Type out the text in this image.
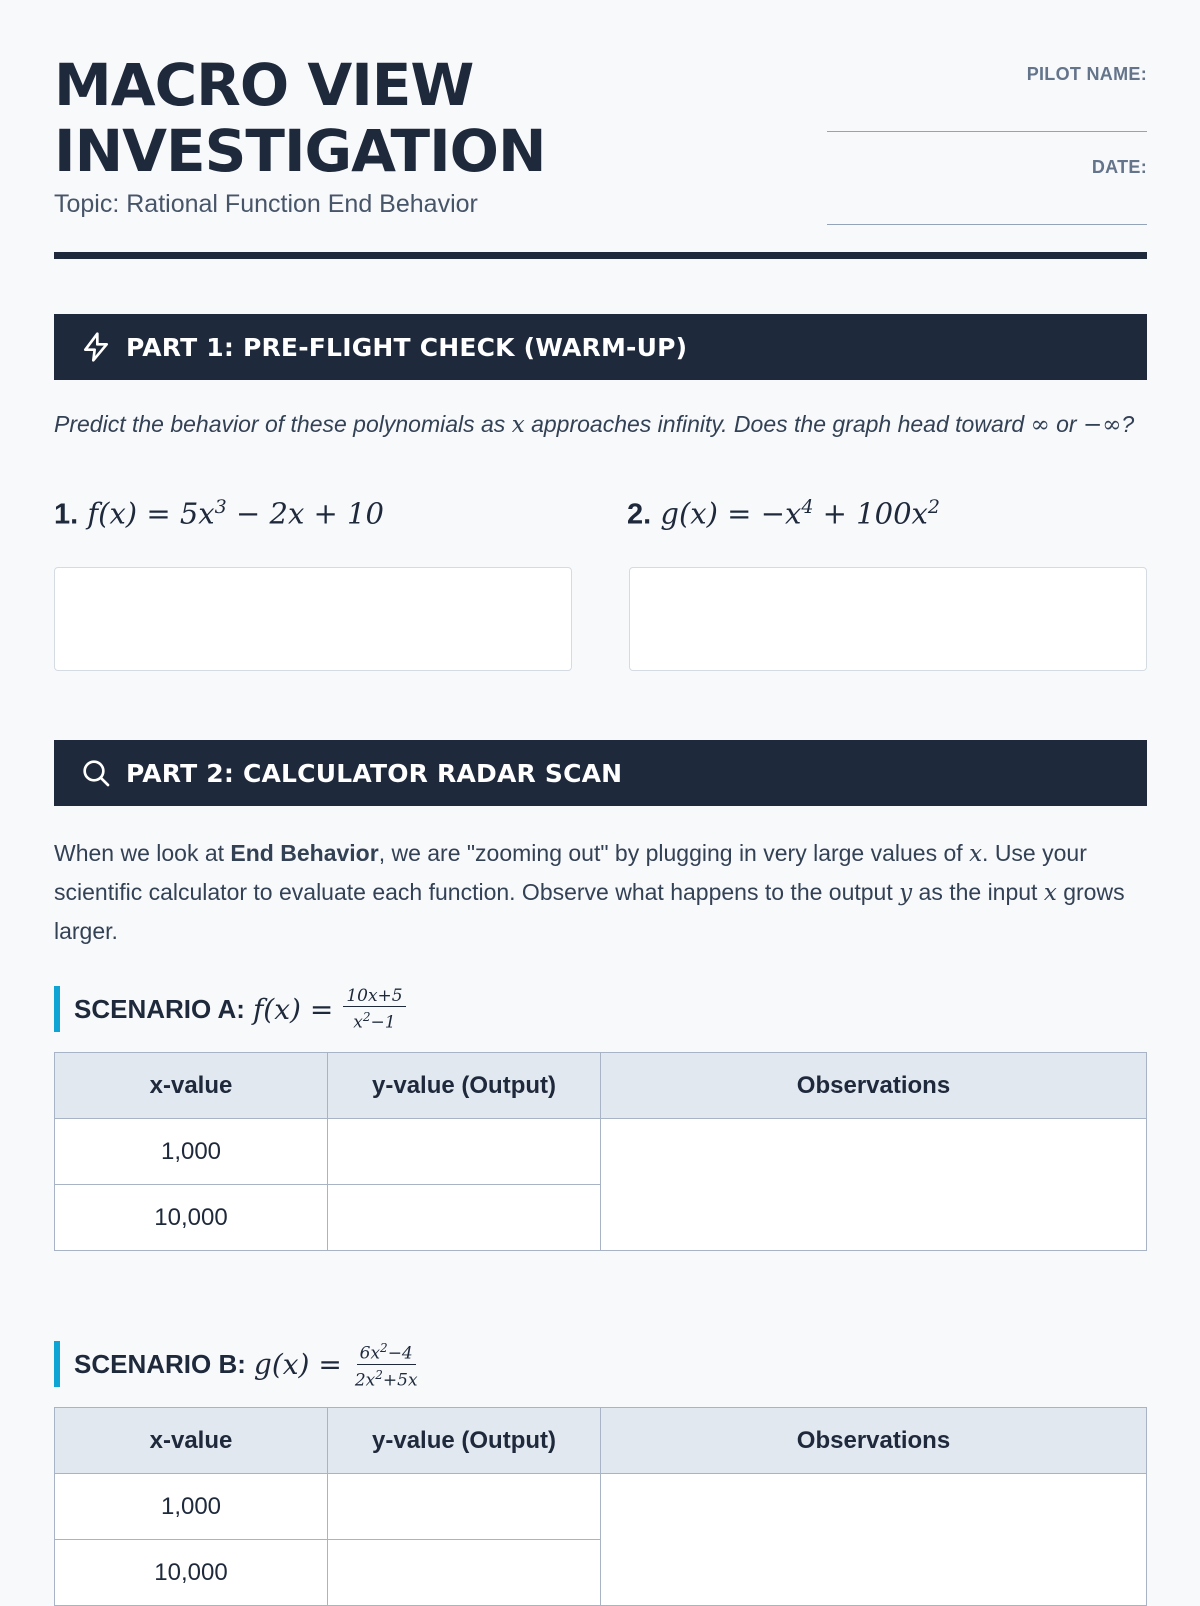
MACRO VIEW
INVESTIGATION

Topic: Rational Function End Behavior

PILOT NAME:
DATE:
PART 1: PRE-FLIGHT CHECK (WARM-UP)

Predict the behavior of these polynomials as x approaches infinity. Does the graph head toward ∞ or −∞?

1. $f(x) = 5x^3 - 2x + 10$	2. $g(x) = -x^4 + 100x^2$
PART 2: CALCULATOR RADAR SCAN

When we look at End Behavior, we are "zooming out" by plugging in very large values of x. Use your scientific calculator to evaluate each function. Observe what happens to the output y as the input x grows larger.

SCENARIO A: $f(x) = \frac{10x+5}{x^2-1}$
x-value	y-value (Output)	Observations
1,000		
10,000		
SCENARIO B: $g(x) = \frac{6x^2-4}{2x^2+5x}$
x-value	y-value (Output)	Observations
1,000		
10,000		
